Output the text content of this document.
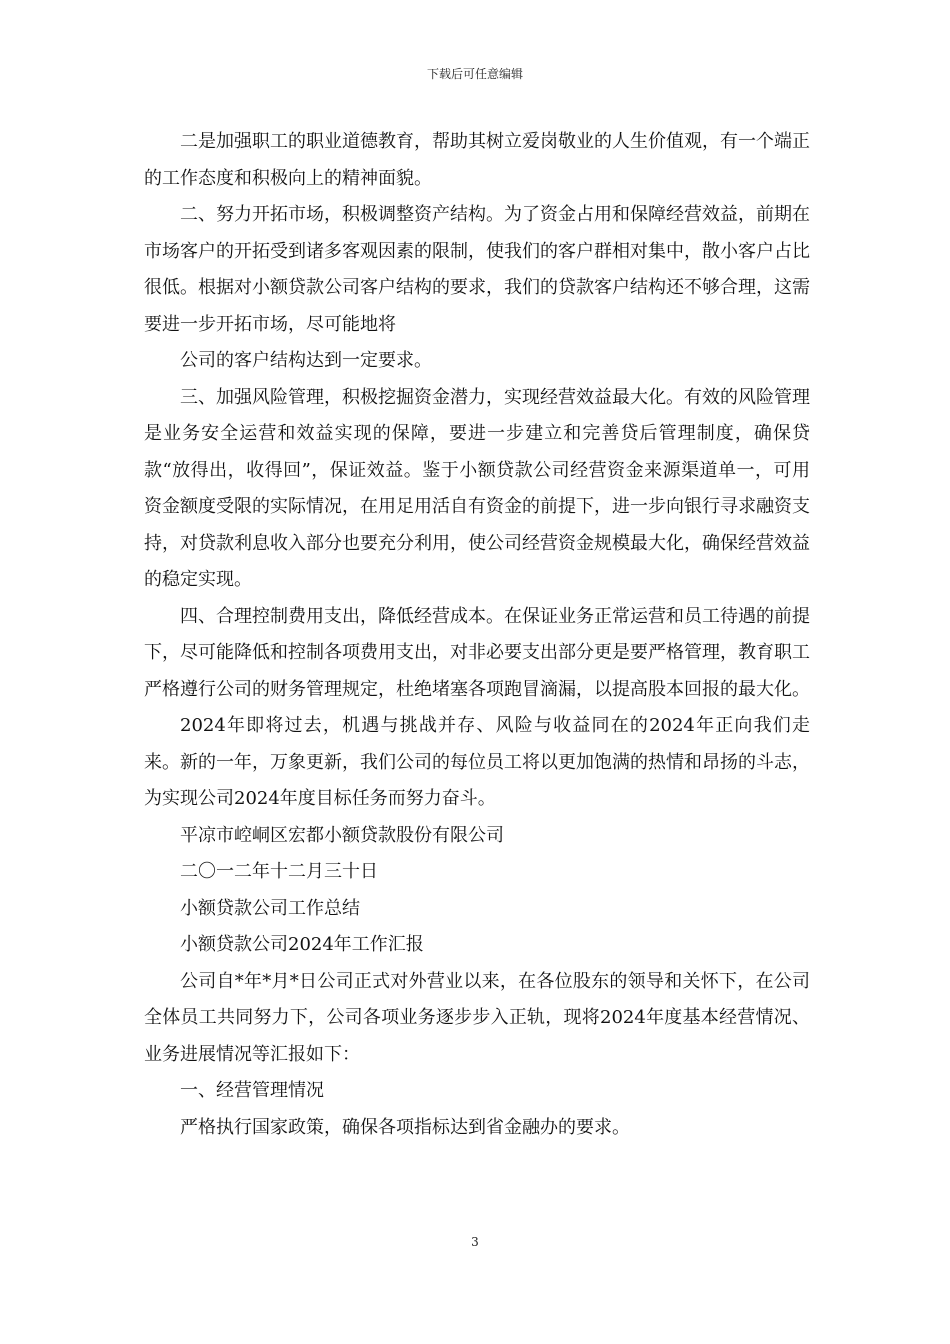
下载后可任意编辑

二是加强职工的职业道德教育，帮助其树立爱岗敬业的人生价值观，有一个端正的工作态度和积极向上的精神面貌。

二、努力开拓市场，积极调整资产结构。为了资金占用和保障经营效益，前期在市场客户的开拓受到诸多客观因素的限制，使我们的客户群相对集中，散小客户占比很低。根据对小额贷款公司客户结构的要求，我们的贷款客户结构还不够合理，这需要进一步开拓市场，尽可能地将

公司的客户结构达到一定要求。

三、加强风险管理，积极挖掘资金潜力，实现经营效益最大化。有效的风险管理是业务安全运营和效益实现的保障，要进一步建立和完善贷后管理制度，确保贷款“放得出，收得回”，保证效益。鉴于小额贷款公司经营资金来源渠道单一，可用资金额度受限的实际情况，在用足用活自有资金的前提下，进一步向银行寻求融资支持，对贷款利息收入部分也要充分利用，使公司经营资金规模最大化，确保经营效益的稳定实现。

四、合理控制费用支出，降低经营成本。在保证业务正常运营和员工待遇的前提下，尽可能降低和控制各项费用支出，对非必要支出部分更是要严格管理，教育职工严格遵行公司的财务管理规定，杜绝堵塞各项跑冒滴漏，以提高股本回报的最大化。

2024年即将过去，机遇与挑战并存、风险与收益同在的2024年正向我们走来。新的一年，万象更新，我们公司的每位员工将以更加饱满的热情和昂扬的斗志，为实现公司2024年度目标任务而努力奋斗。

平凉市崆峒区宏都小额贷款股份有限公司

二〇一二年十二月三十日

小额贷款公司工作总结

小额贷款公司2024年工作汇报

公司自*年*月*日公司正式对外营业以来，在各位股东的领导和关怀下，在公司全体员工共同努力下，公司各项业务逐步步入正轨，现将2024年度基本经营情况、业务进展情况等汇报如下：

一、经营管理情况

严格执行国家政策，确保各项指标达到省金融办的要求。

3
